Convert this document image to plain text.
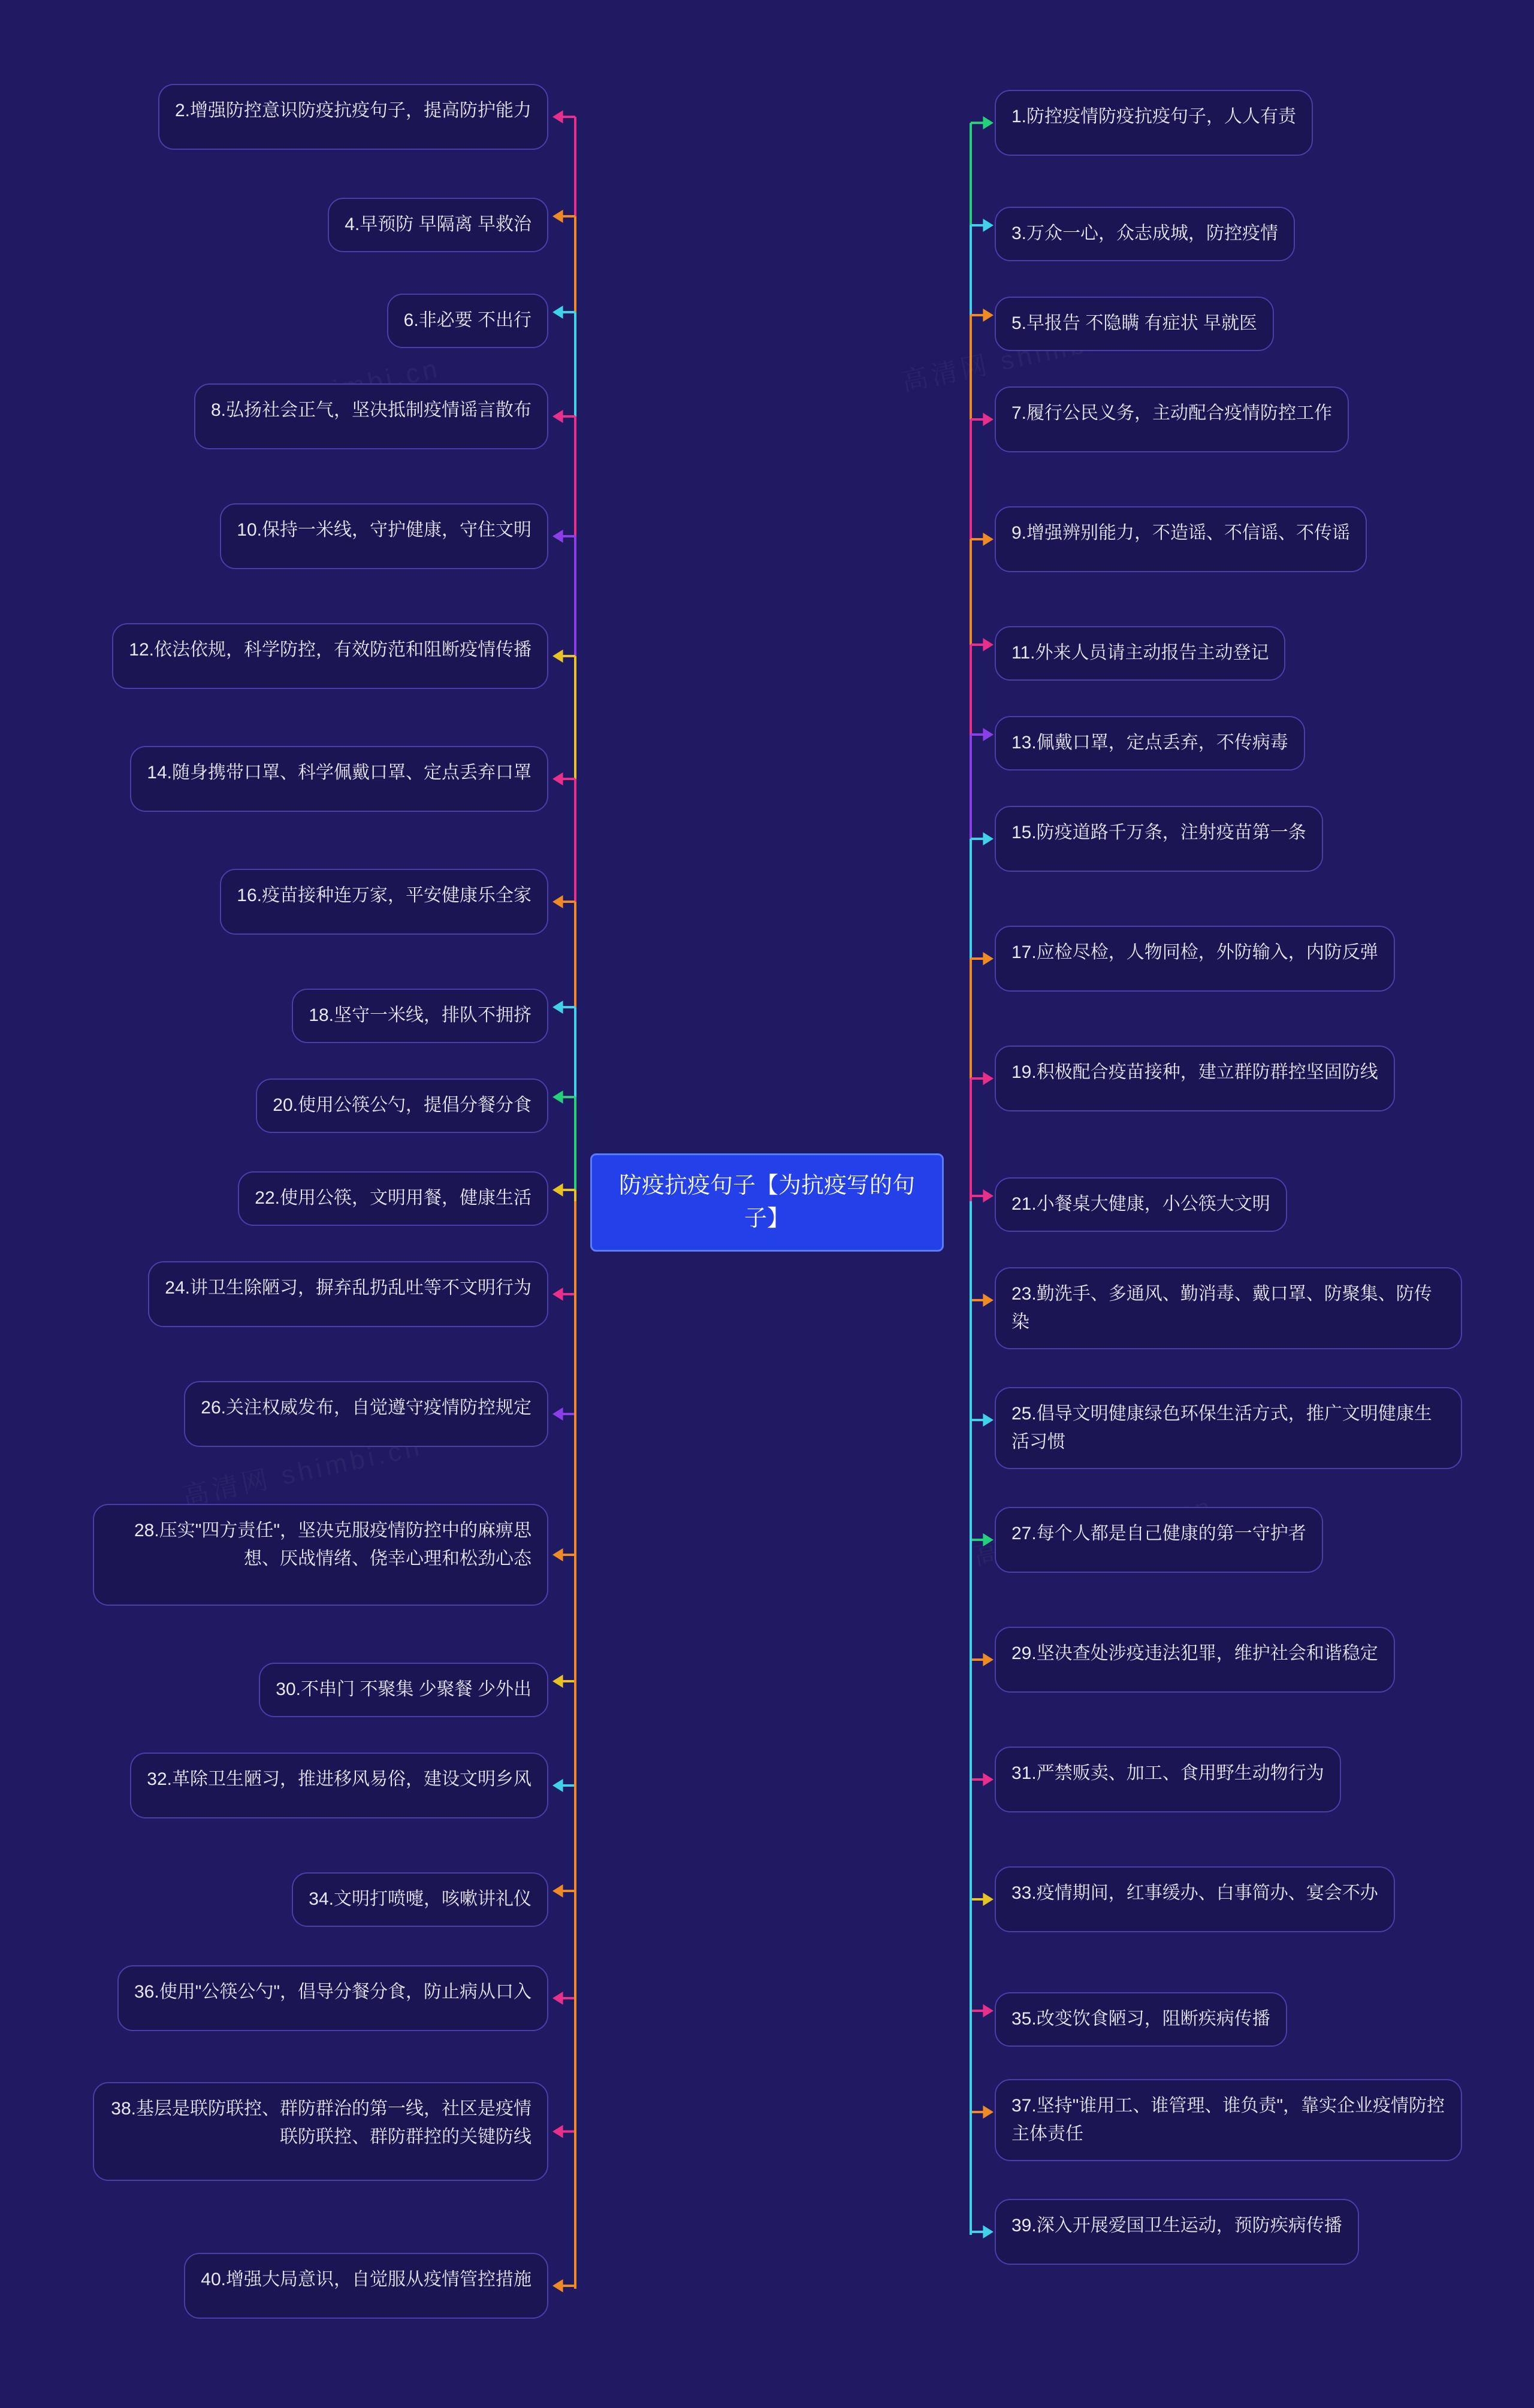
防疫抗疫句子【为抗疫写的句子】
2.增强防控意识防疫抗疫句子，提高防护能力
4.早预防 早隔离 早救治
6.非必要 不出行
8.弘扬社会正气，坚决抵制疫情谣言散布
10.保持一米线，守护健康，守住文明
12.依法依规，科学防控，有效防范和阻断疫情传播
14.随身携带口罩、科学佩戴口罩、定点丢弃口罩
16.疫苗接种连万家，平安健康乐全家
18.坚守一米线，排队不拥挤
20.使用公筷公勺，提倡分餐分食
22.使用公筷，文明用餐，健康生活
24.讲卫生除陋习，摒弃乱扔乱吐等不文明行为
26.关注权威发布，自觉遵守疫情防控规定
28.压实"四方责任"，坚决克服疫情防控中的麻痹思想、厌战情绪、侥幸心理和松劲心态
30.不串门 不聚集 少聚餐 少外出
32.革除卫生陋习，推进移风易俗，建设文明乡风
34.文明打喷嚏，咳嗽讲礼仪
36.使用"公筷公勺"，倡导分餐分食，防止病从口入
38.基层是联防联控、群防群治的第一线，社区是疫情联防联控、群防群控的关键防线
40.增强大局意识，自觉服从疫情管控措施
1.防控疫情防疫抗疫句子，人人有责
3.万众一心，众志成城，防控疫情
5.早报告 不隐瞒 有症状 早就医
7.履行公民义务，主动配合疫情防控工作
9.增强辨别能力，不造谣、不信谣、不传谣
11.外来人员请主动报告主动登记
13.佩戴口罩，定点丢弃，不传病毒
15.防疫道路千万条，注射疫苗第一条
17.应检尽检，人物同检，外防输入，内防反弹
19.积极配合疫苗接种，建立群防群控坚固防线
21.小餐桌大健康，小公筷大文明
23.勤洗手、多通风、勤消毒、戴口罩、防聚集、防传染
25.倡导文明健康绿色环保生活方式，推广文明健康生活习惯
27.每个人都是自己健康的第一守护者
29.坚决查处涉疫违法犯罪，维护社会和谐稳定
31.严禁贩卖、加工、食用野生动物行为
33.疫情期间，红事缓办、白事简办、宴会不办
35.改变饮食陋习，阻断疾病传播
37.坚持"谁用工、谁管理、谁负责"，靠实企业疫情防控主体责任
39.深入开展爱国卫生运动，预防疾病传播
